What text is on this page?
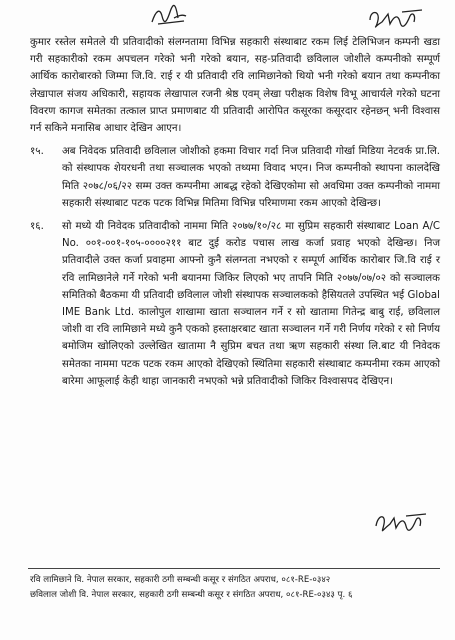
कुमार रस्तेल समेतले यी प्रतिवादीको संलग्नतामा विभिन्न सहकारी संस्थाबाट रकम लिई टेलिभिजन कम्पनी खडा गरी सहकारीको रकम अपचलन गरेको भनी गरेको बयान, सह-प्रतिवादी छविलाल जोशीले कम्पनीको सम्पूर्ण आर्थिक कारोबारको जिम्मा जि.वि. राई र यी प्रतिवादी रवि लामिछानेको थियो भनी गरेको बयान तथा कम्पनीका लेखापाल संजय अधिकारी, सहायक लेखापाल रजनी श्रेष्ठ एवम् लेखा परीक्षक विशेष विभू आचार्यले गरेको घटना विवरण कागज समेतका तत्काल प्राप्त प्रमाणबाट यी प्रतिवादी आरोपित कसूरका कसूरदार रहेनछन् भनी विश्वास गर्न सकिने मनासिब आधार देखिन आएन।

१५. अब निवेदक प्रतिवादी छविलाल जोशीको हकमा विचार गर्दा निज प्रतिवादी गोर्खा मिडिया नेटवर्क प्रा.लि. को संस्थापक शेयरधनी तथा सञ्चालक भएको तथ्यमा विवाद भएन। निज कम्पनीको स्थापना कालदेखि मिति २०७८/०६/२२ सम्म उक्त कम्पनीमा आबद्ध रहेको देखिएकोमा सो अवधिमा उक्त कम्पनीको नाममा सहकारी संस्थाबाट पटक पटक विभिन्न मितिमा विभिन्न परिमाणमा रकम आएको देखिन्छ।

१६. सो मध्ये यी निवेदक प्रतिवादीको नाममा मिति २०७७/१०/२८ मा सुप्रिम सहकारी संस्थाबाट Loan A/C No. ००१-००१-१०५-००००२११ बाट दुई करोड पचास लाख कर्जा प्रवाह भएको देखिन्छ। निज प्रतिवादीले उक्त कर्जा प्रवाहमा आफ्नो कुनै संलग्नता नभएको र सम्पूर्ण आर्थिक कारोबार जि.वि राई र रवि लामिछानेले गर्ने गरेको भनी बयानमा जिकिर लिएको भए तापनि मिति २०७७/०७/०२ को सञ्चालक समितिको बैठकमा यी प्रतिवादी छविलाल जोशी संस्थापक सञ्चालकको हैसियतले उपस्थित भई Global IME Bank Ltd. कालोपुल शाखामा खाता सञ्चालन गर्ने र सो खातामा गितेन्द्र बाबु राई, छविलाल जोशी वा रवि लामिछाने मध्ये कुनै एकको हस्ताक्षरबाट खाता सञ्चालन गर्ने गरी निर्णय गरेको र सो निर्णय बमोजिम खोलिएको उल्लेखित खातामा नै सुप्रिम बचत तथा ऋण सहकारी संस्था लि.बाट यी निवेदक समेतका नाममा पटक पटक रकम आएको देखिएको स्थितिमा सहकारी संस्थाबाट कम्पनीमा रकम आएको बारेमा आफूलाई केही थाहा जानकारी नभएको भन्ने प्रतिवादीको जिकिर विश्वासपद देखिएन।

रवि लामिछाने वि. नेपाल सरकार, सहकारी ठगी सम्बन्धी कसूर र संगठित अपराध, ०८१-RE-०३४२
छविलाल जोशी वि. नेपाल सरकार, सहकारी ठगी सम्बन्धी कसूर र संगठित अपराध, ०८१-RE-०३४३ पृ. ६
